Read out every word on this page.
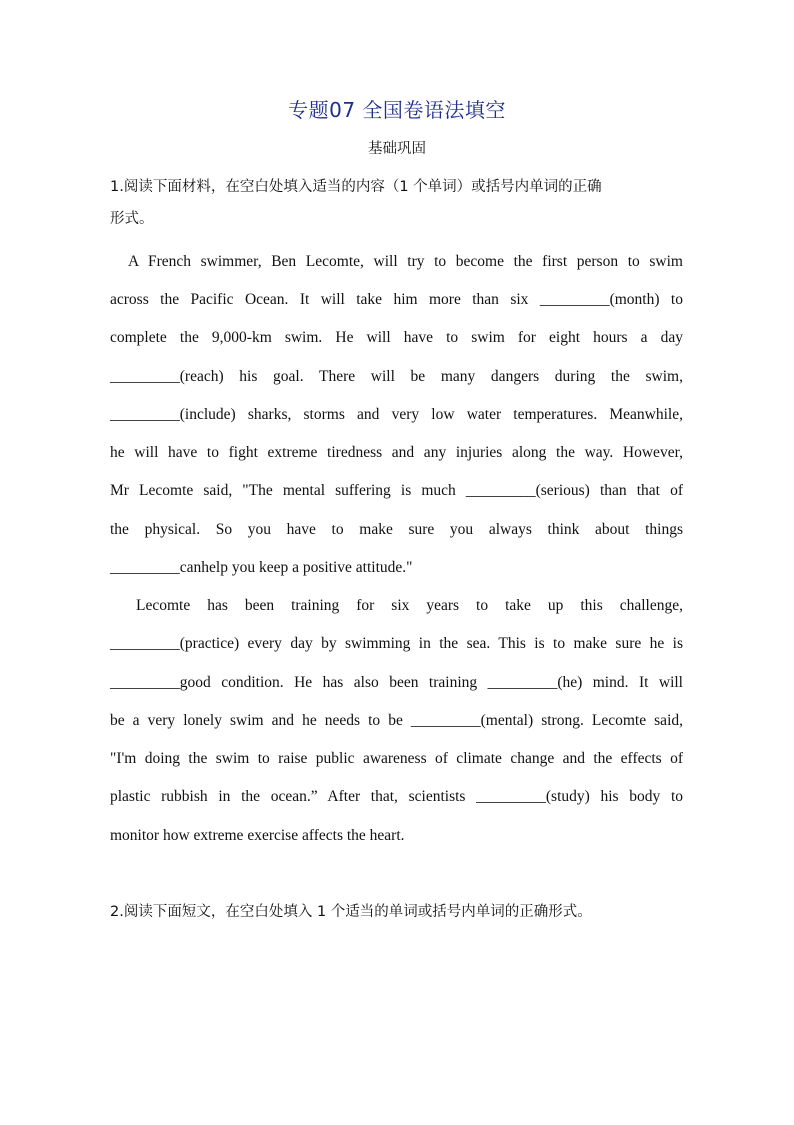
专题07 全国卷语法填空
基础巩固
1.阅读下面材料，在空白处填入适当的内容（1 个单词）或括号内单词的正确
形式。
A French swimmer, Ben Lecomte, will try to become the first person to swim
across the Pacific Ocean. It will take him more than six _________(month) to
complete the 9,000-km swim. He will have to swim for eight hours a day
_________(reach) his goal. There will be many dangers during the swim,
_________(include) sharks, storms and very low water temperatures. Meanwhile,
he will have to fight extreme tiredness and any injuries along the way. However,
Mr Lecomte said, "The mental suffering is much _________(serious) than that of
the physical. So you have to make sure you always think about things
_________canhelp you keep a positive attitude."
Lecomte has been training for six years to take up this challenge,
_________(practice) every day by swimming in the sea. This is to make sure he is
_________good condition. He has also been training _________(he) mind. It will
be a very lonely swim and he needs to be _________(mental) strong. Lecomte said,
"I'm doing the swim to raise public awareness of climate change and the effects of
plastic rubbish in the ocean.” After that, scientists _________(study) his body to
monitor how extreme exercise affects the heart.
2.阅读下面短文，在空白处填入 1 个适当的单词或括号内单词的正确形式。
